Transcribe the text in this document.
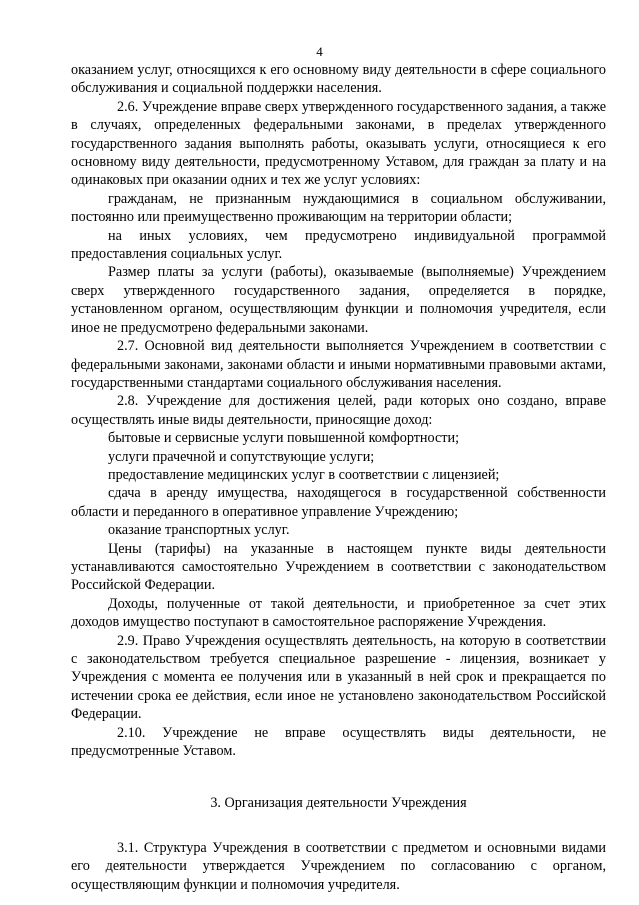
4

оказанием услуг, относящихся к его основному виду деятельности в сфере социального обслуживания и социальной поддержки населения.

2.6. Учреждение вправе сверх утвержденного государственного задания, а также в случаях, определенных федеральными законами, в пределах утвержденного государственного задания выполнять работы, оказывать услуги, относящиеся к его основному виду деятельности, предусмотренному Уставом, для граждан за плату и на одинаковых при оказании одних и тех же услуг условиях:

гражданам, не признанным нуждающимися в социальном обслуживании, постоянно или преимущественно проживающим на территории области;

на иных условиях, чем предусмотрено индивидуальной программой предоставления социальных услуг.

Размер платы за услуги (работы), оказываемые (выполняемые) Учреждением сверх утвержденного государственного задания, определяется в порядке, установленном органом, осуществляющим функции и полномочия учредителя, если иное не предусмотрено федеральными законами.

2.7. Основной вид деятельности выполняется Учреждением в соответствии с федеральными законами, законами области и иными нормативными правовыми актами, государственными стандартами социального обслуживания населения.

2.8. Учреждение для достижения целей, ради которых оно создано, вправе осуществлять иные виды деятельности, приносящие доход:

бытовые и сервисные услуги повышенной комфортности;

услуги прачечной и сопутствующие услуги;

предоставление медицинских услуг в соответствии с лицензией;

сдача в аренду имущества, находящегося в государственной собственности области и переданного в оперативное управление Учреждению;

оказание транспортных услуг.

Цены (тарифы) на указанные в настоящем пункте виды деятельности устанавливаются самостоятельно Учреждением в соответствии с законодательством Российской Федерации.

Доходы, полученные от такой деятельности, и приобретенное за счет этих доходов имущество поступают в самостоятельное распоряжение Учреждения.

2.9. Право Учреждения осуществлять деятельность, на которую в соответствии с законодательством требуется специальное разрешение - лицензия, возникает у Учреждения с момента ее получения или в указанный в ней срок и прекращается по истечении срока ее действия, если иное не установлено законодательством Российской Федерации.

2.10. Учреждение не вправе осуществлять виды деятельности, не предусмотренные Уставом.

3. Организация деятельности Учреждения

3.1. Структура Учреждения в соответствии с предметом и основными видами его деятельности утверждается Учреждением по согласованию с органом, осуществляющим функции и полномочия учредителя.
